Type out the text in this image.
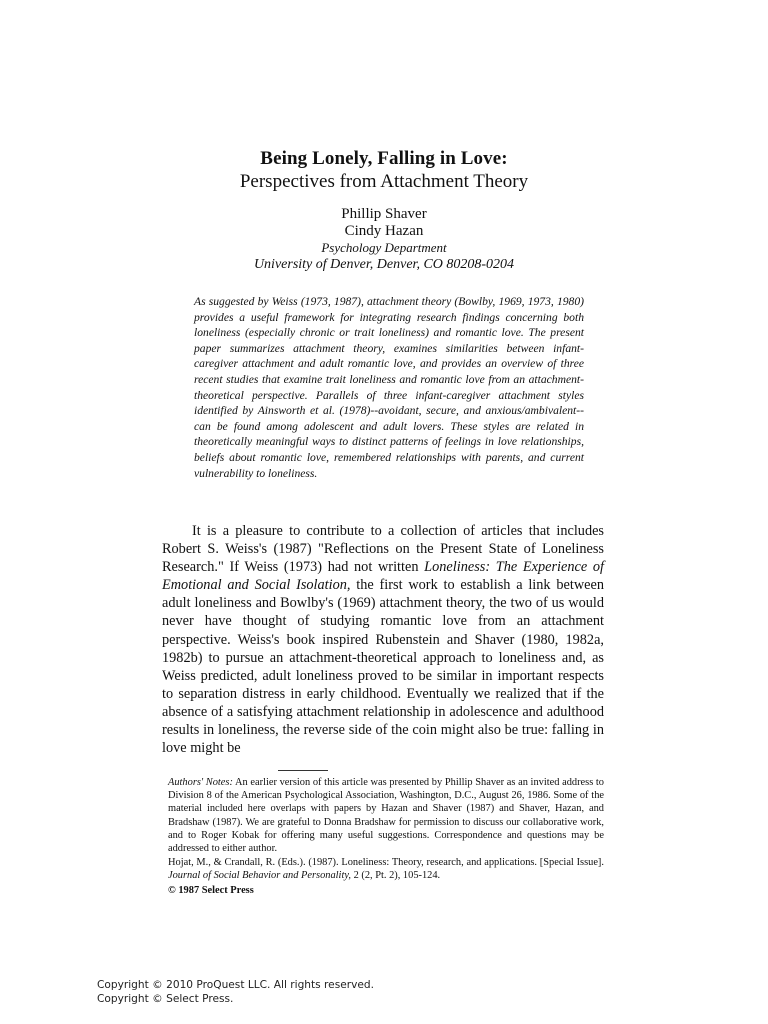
Being Lonely, Falling in Love:
Perspectives from Attachment Theory
Phillip Shaver
Cindy Hazan
Psychology Department
University of Denver, Denver, CO 80208-0204
As suggested by Weiss (1973, 1987), attachment theory (Bowlby, 1969, 1973, 1980) provides a useful framework for integrating research findings concerning both loneliness (especially chronic or trait loneliness) and romantic love. The present paper summarizes attachment theory, examines similarities between infant-caregiver attachment and adult romantic love, and provides an overview of three recent studies that examine trait loneliness and romantic love from an attachment-theoretical perspective. Parallels of three infant-caregiver attachment styles identified by Ainsworth et al. (1978)--avoidant, secure, and anxious/ambivalent--can be found among adolescent and adult lovers. These styles are related in theoretically meaningful ways to distinct patterns of feelings in love relationships, beliefs about romantic love, remembered relationships with parents, and current vulnerability to loneliness.

It is a pleasure to contribute to a collection of articles that includes Robert S. Weiss's (1987) "Reflections on the Present State of Loneliness Research." If Weiss (1973) had not written Loneliness: The Experience of Emotional and Social Isolation, the first work to establish a link between adult loneliness and Bowlby's (1969) attachment theory, the two of us would never have thought of studying romantic love from an attachment perspective. Weiss's book inspired Rubenstein and Shaver (1980, 1982a, 1982b) to pursue an attachment-theoretical approach to loneliness and, as Weiss predicted, adult loneliness proved to be similar in important respects to separation distress in early childhood. Eventually we realized that if the absence of a satisfying attachment relationship in adolescence and adulthood results in loneliness, the reverse side of the coin might also be true: falling in love might be

Authors' Notes: An earlier version of this article was presented by Phillip Shaver as an invited address to Division 8 of the American Psychological Association, Washington, D.C., August 26, 1986. Some of the material included here overlaps with papers by Hazan and Shaver (1987) and Shaver, Hazan, and Bradshaw (1987). We are grateful to Donna Bradshaw for permission to discuss our collaborative work, and to Roger Kobak for offering many useful suggestions. Correspondence and questions may be addressed to either author.

Hojat, M., & Crandall, R. (Eds.). (1987). Loneliness: Theory, research, and applications. [Special Issue]. Journal of Social Behavior and Personality, 2 (2, Pt. 2), 105-124.

© 1987 Select Press

Copyright © 2010 ProQuest LLC. All rights reserved.
Copyright © Select Press.
